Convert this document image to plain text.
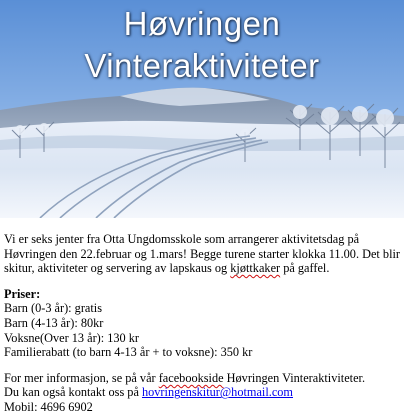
Høvringen
Vinteraktiviteter

Vi er seks jenter fra Otta Ungdomsskole som arrangerer aktivitetsdag på Høvringen den 22.februar og 1.mars! Begge turene starter klokka 11.00. Det blir skitur, aktiviteter og servering av lapskaus og kjøttkaker på gaffel.

Priser:

Barn (0-3 år): gratis

Barn (4-13 år): 80kr

Voksne(Over 13 år): 130 kr

Familierabatt (to barn 4-13 år + to voksne): 350 kr

For mer informasjon, se på vår facebookside Høvringen Vinteraktiviteter.

Du kan også kontakt oss på hovringenskitur@hotmail.com

Mobil: 4696 6902
